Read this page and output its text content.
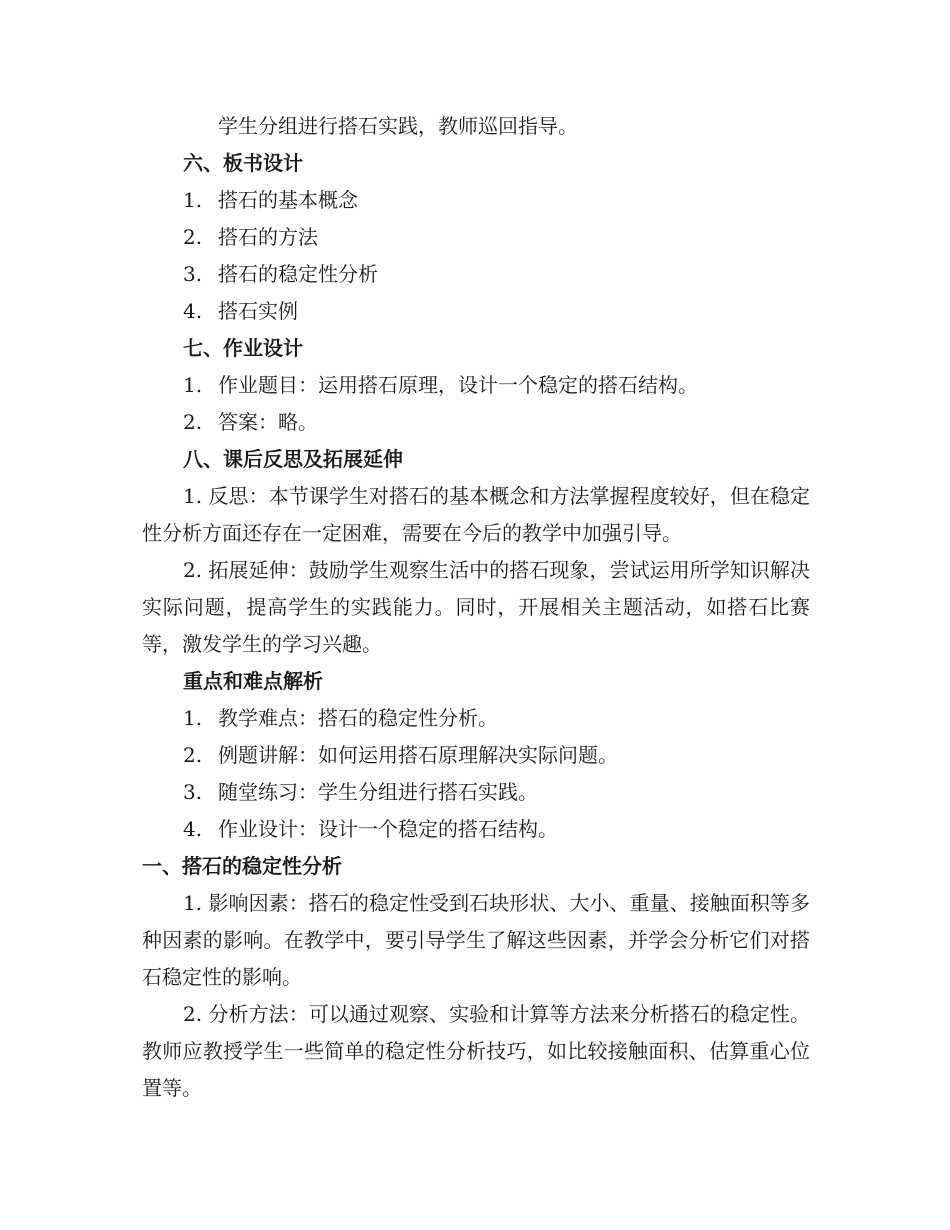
学生分组进行搭石实践，教师巡回指导。

六、板书设计

1. 搭石的基本概念

2. 搭石的方法

3. 搭石的稳定性分析

4. 搭石实例

七、作业设计

1. 作业题目：运用搭石原理，设计一个稳定的搭石结构。

2. 答案：略。

八、课后反思及拓展延伸

1. 反思：本节课学生对搭石的基本概念和方法掌握程度较好，但在稳定性分析方面还存在一定困难，需要在今后的教学中加强引导。

2. 拓展延伸：鼓励学生观察生活中的搭石现象，尝试运用所学知识解决实际问题，提高学生的实践能力。同时，开展相关主题活动，如搭石比赛等，激发学生的学习兴趣。

重点和难点解析

1. 教学难点：搭石的稳定性分析。

2. 例题讲解：如何运用搭石原理解决实际问题。

3. 随堂练习：学生分组进行搭石实践。

4. 作业设计：设计一个稳定的搭石结构。

一、搭石的稳定性分析

1. 影响因素：搭石的稳定性受到石块形状、大小、重量、接触面积等多种因素的影响。在教学中，要引导学生了解这些因素，并学会分析它们对搭石稳定性的影响。

2. 分析方法：可以通过观察、实验和计算等方法来分析搭石的稳定性。教师应教授学生一些简单的稳定性分析技巧，如比较接触面积、估算重心位置等。
